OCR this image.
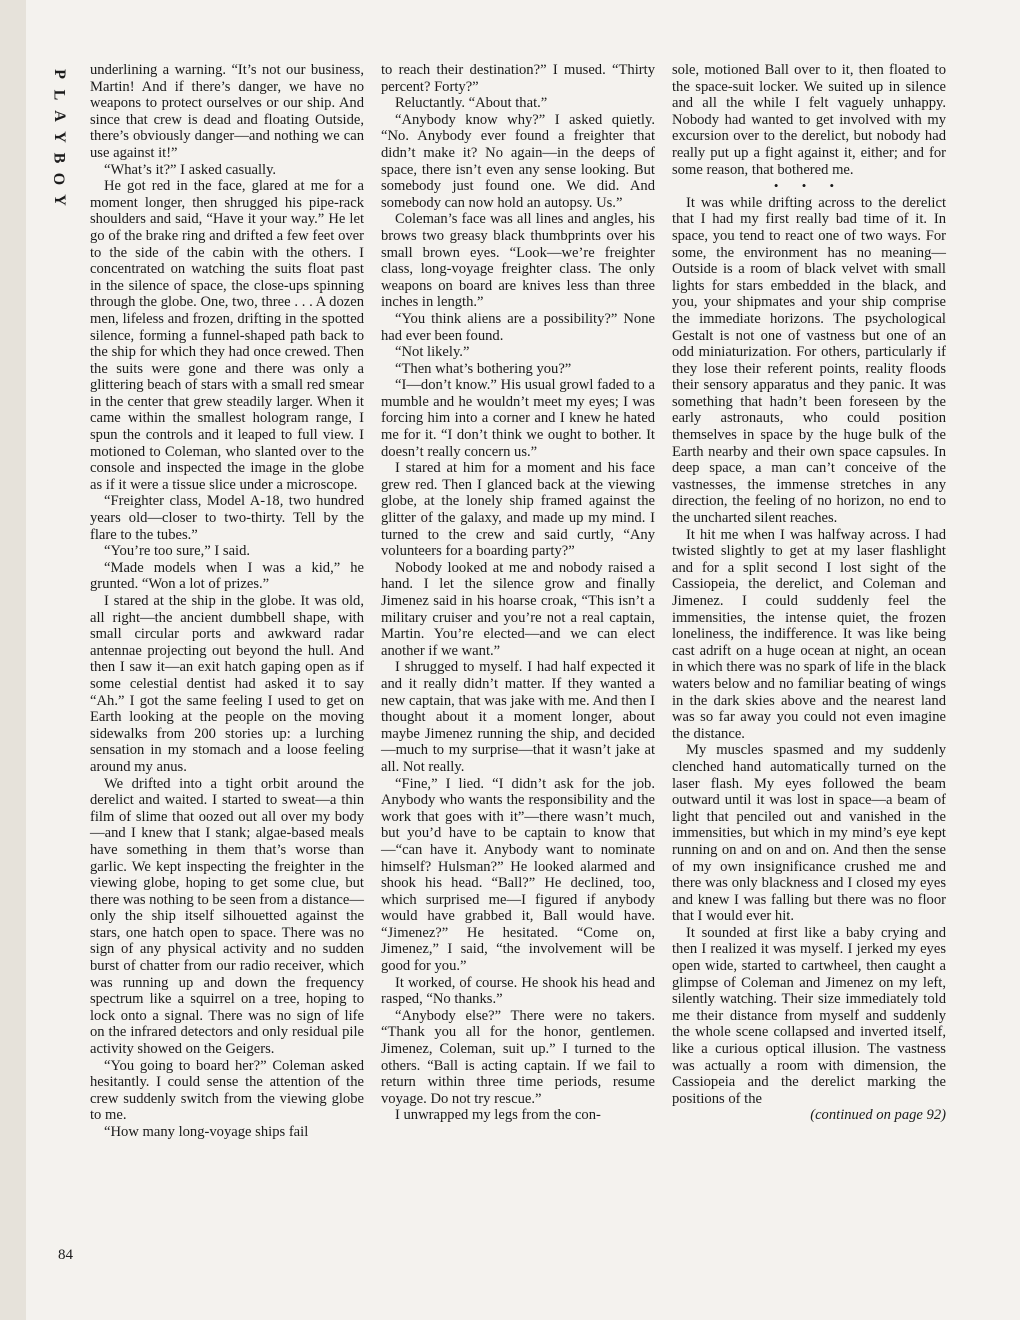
P
L
A
Y
B
O
Y

underlining a warning. “It’s not our business, Martin! And if there’s danger, we have no weapons to protect ourselves or our ship. And since that crew is dead and floating Outside, there’s obviously danger—and nothing we can use against it!”

“What’s it?” I asked casually.

He got red in the face, glared at me for a moment longer, then shrugged his pipe-rack shoulders and said, “Have it your way.” He let go of the brake ring and drifted a few feet over to the side of the cabin with the others. I concentrated on watching the suits float past in the silence of space, the close-ups spinning through the globe. One, two, three . . . A dozen men, lifeless and frozen, drifting in the spotted silence, forming a funnel-shaped path back to the ship for which they had once crewed. Then the suits were gone and there was only a glittering beach of stars with a small red smear in the center that grew steadily larger. When it came within the smallest hologram range, I spun the controls and it leaped to full view. I motioned to Coleman, who slanted over to the console and inspected the image in the globe as if it were a tissue slice under a microscope.

“Freighter class, Model A-18, two hundred years old—closer to two-thirty. Tell by the flare to the tubes.”

“You’re too sure,” I said.

“Made models when I was a kid,” he grunted. “Won a lot of prizes.”

I stared at the ship in the globe. It was old, all right—the ancient dumbbell shape, with small circular ports and awkward radar antennae projecting out beyond the hull. And then I saw it—an exit hatch gaping open as if some celestial dentist had asked it to say “Ah.” I got the same feeling I used to get on Earth looking at the people on the moving sidewalks from 200 stories up: a lurching sensation in my stomach and a loose feeling around my anus.

We drifted into a tight orbit around the derelict and waited. I started to sweat—a thin film of slime that oozed out all over my body—and I knew that I stank; algae-based meals have something in them that’s worse than garlic. We kept inspecting the freighter in the viewing globe, hoping to get some clue, but there was nothing to be seen from a distance—only the ship itself silhouetted against the stars, one hatch open to space. There was no sign of any physical activity and no sudden burst of chatter from our radio receiver, which was running up and down the frequency spectrum like a squirrel on a tree, hoping to lock onto a signal. There was no sign of life on the infrared detectors and only residual pile activity showed on the Geigers.

“You going to board her?” Coleman asked hesitantly. I could sense the attention of the crew suddenly switch from the viewing globe to me.

“How many long-voyage ships fail

to reach their destination?” I mused. “Thirty percent? Forty?”

Reluctantly. “About that.”

“Anybody know why?” I asked quietly. “No. Anybody ever found a freighter that didn’t make it? No again—in the deeps of space, there isn’t even any sense looking. But somebody just found one. We did. And somebody can now hold an autopsy. Us.”

Coleman’s face was all lines and angles, his brows two greasy black thumbprints over his small brown eyes. “Look—we’re freighter class, long-voyage freighter class. The only weapons on board are knives less than three inches in length.”

“You think aliens are a possibility?” None had ever been found.

“Not likely.”

“Then what’s bothering you?”

“I—don’t know.” His usual growl faded to a mumble and he wouldn’t meet my eyes; I was forcing him into a corner and I knew he hated me for it. “I don’t think we ought to bother. It doesn’t really concern us.”

I stared at him for a moment and his face grew red. Then I glanced back at the viewing globe, at the lonely ship framed against the glitter of the galaxy, and made up my mind. I turned to the crew and said curtly, “Any volunteers for a boarding party?”

Nobody looked at me and nobody raised a hand. I let the silence grow and finally Jimenez said in his hoarse croak, “This isn’t a military cruiser and you’re not a real captain, Martin. You’re elected—and we can elect another if we want.”

I shrugged to myself. I had half expected it and it really didn’t matter. If they wanted a new captain, that was jake with me. And then I thought about it a moment longer, about maybe Jimenez running the ship, and decided—much to my surprise—that it wasn’t jake at all. Not really.

“Fine,” I lied. “I didn’t ask for the job. Anybody who wants the responsibility and the work that goes with it”—there wasn’t much, but you’d have to be captain to know that—“can have it. Anybody want to nominate himself? Hulsman?” He looked alarmed and shook his head. “Ball?” He declined, too, which surprised me—I figured if anybody would have grabbed it, Ball would have. “Jimenez?” He hesitated. “Come on, Jimenez,” I said, “the involvement will be good for you.”

It worked, of course. He shook his head and rasped, “No thanks.”

“Anybody else?” There were no takers. “Thank you all for the honor, gentlemen. Jimenez, Coleman, suit up.” I turned to the others. “Ball is acting captain. If we fail to return within three time periods, resume voyage. Do not try rescue.”

I unwrapped my legs from the con-

sole, motioned Ball over to it, then floated to the space-suit locker. We suited up in silence and all the while I felt vaguely unhappy. Nobody had wanted to get involved with my excursion over to the derelict, but nobody had really put up a fight against it, either; and for some reason, that bothered me.

• • •

It was while drifting across to the derelict that I had my first really bad time of it. In space, you tend to react one of two ways. For some, the environment has no meaning—Outside is a room of black velvet with small lights for stars embedded in the black, and you, your shipmates and your ship comprise the immediate horizons. The psychological Gestalt is not one of vastness but one of an odd miniaturization. For others, particularly if they lose their referent points, reality floods their sensory apparatus and they panic. It was something that hadn’t been foreseen by the early astronauts, who could position themselves in space by the huge bulk of the Earth nearby and their own space capsules. In deep space, a man can’t conceive of the vastnesses, the immense stretches in any direction, the feeling of no horizon, no end to the uncharted silent reaches.

It hit me when I was halfway across. I had twisted slightly to get at my laser flashlight and for a split second I lost sight of the Cassiopeia, the derelict, and Coleman and Jimenez. I could suddenly feel the immensities, the intense quiet, the frozen loneliness, the indifference. It was like being cast adrift on a huge ocean at night, an ocean in which there was no spark of life in the black waters below and no familiar beating of wings in the dark skies above and the nearest land was so far away you could not even imagine the distance.

My muscles spasmed and my suddenly clenched hand automatically turned on the laser flash. My eyes followed the beam outward until it was lost in space—a beam of light that penciled out and vanished in the immensities, but which in my mind’s eye kept running on and on and on. And then the sense of my own insignificance crushed me and there was only blackness and I closed my eyes and knew I was falling but there was no floor that I would ever hit.

It sounded at first like a baby crying and then I realized it was myself. I jerked my eyes open wide, started to cartwheel, then caught a glimpse of Coleman and Jimenez on my left, silently watching. Their size immediately told me their distance from myself and suddenly the whole scene collapsed and inverted itself, like a curious optical illusion. The vastness was actually a room with dimension, the Cassiopeia and the derelict marking the positions of the

(continued on page 92)

84
